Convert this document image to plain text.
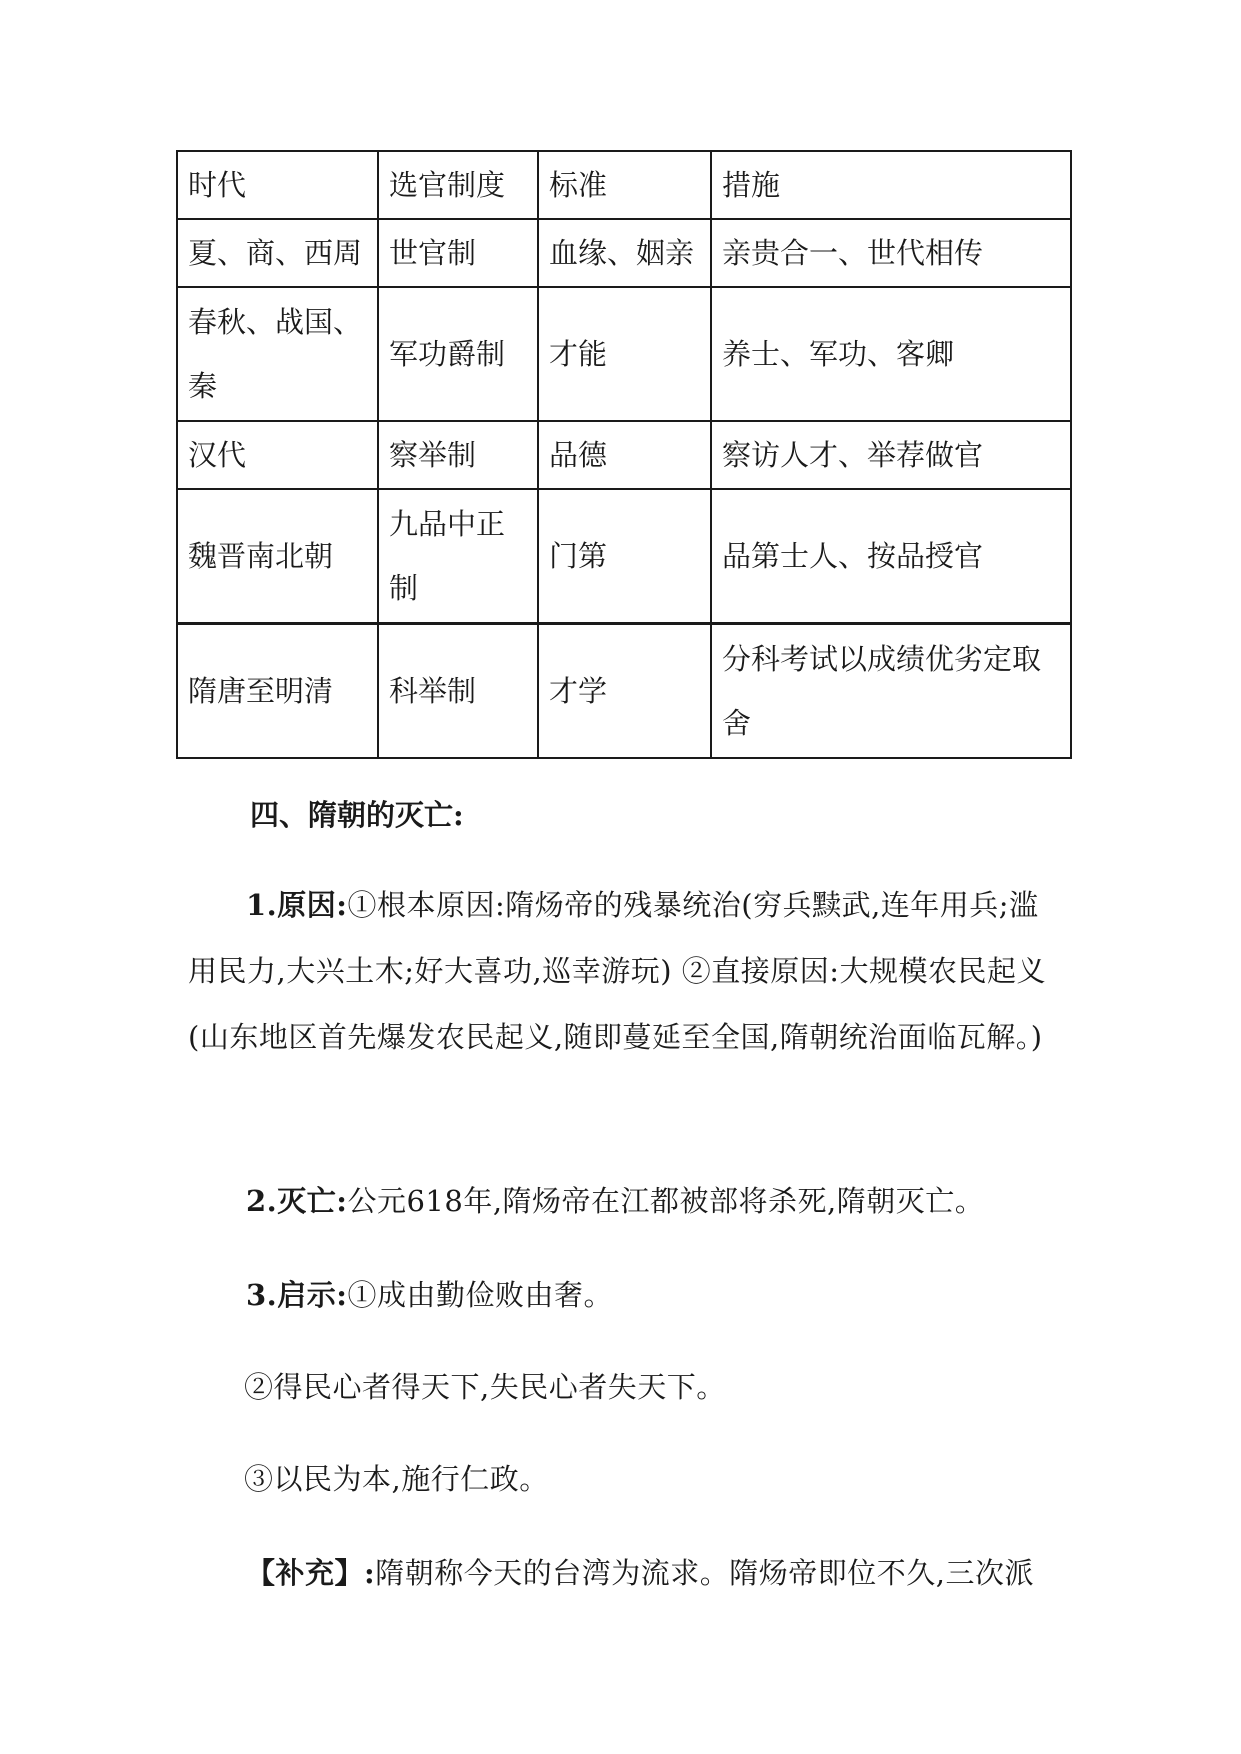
时代	选官制度	标准	措施
夏、商、西周	世官制	血缘、姻亲	亲贵合一、世代相传
春秋、战国、秦	军功爵制	才能	养士、军功、客卿
汉代	察举制	品德	察访人才、举荐做官
魏晋南北朝	九品中正制	门第	品第士人、按品授官
隋唐至明清	科举制	才学	分科考试以成绩优劣定取舍
四、隋朝的灭亡:
1.原因:①根本原因:隋炀帝的残暴统治(穷兵黩武,连年用兵;滥用民力,大兴土木;好大喜功,巡幸游玩) ②直接原因:大规模农民起义(山东地区首先爆发农民起义,随即蔓延至全国,隋朝统治面临瓦解。)
2.灭亡:公元618年,隋炀帝在江都被部将杀死,隋朝灭亡。
3.启示:①成由勤俭败由奢。
②得民心者得天下,失民心者失天下。
③以民为本,施行仁政。
【补充】:隋朝称今天的台湾为流求。隋炀帝即位不久,三次派
